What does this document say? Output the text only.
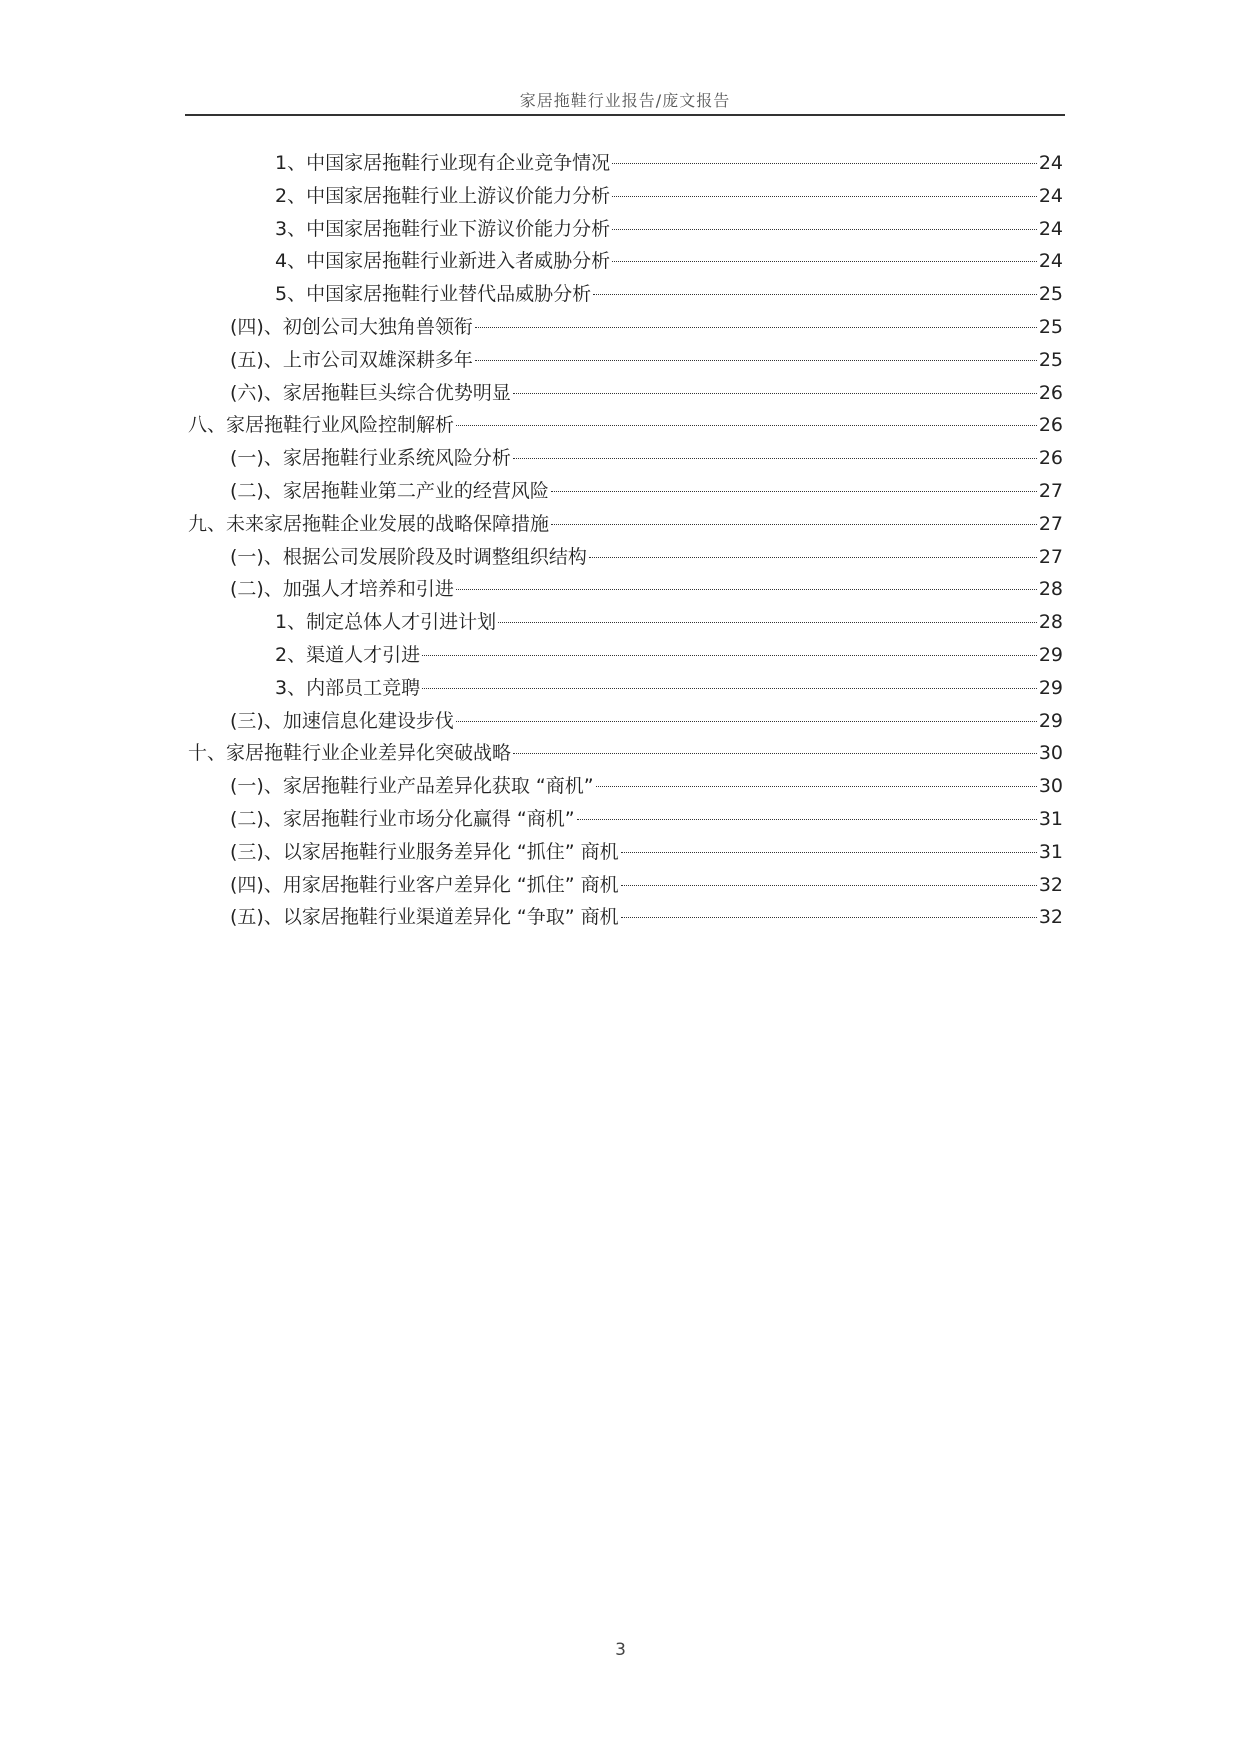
家居拖鞋行业报告/庞文报告
1、中国家居拖鞋行业现有企业竞争情况	24
2、中国家居拖鞋行业上游议价能力分析	24
3、中国家居拖鞋行业下游议价能力分析	24
4、中国家居拖鞋行业新进入者威胁分析	24
5、中国家居拖鞋行业替代品威胁分析	25
(四)、初创公司大独角兽领衔	25
(五)、上市公司双雄深耕多年	25
(六)、家居拖鞋巨头综合优势明显	26
八、家居拖鞋行业风险控制解析	26
(一)、家居拖鞋行业系统风险分析	26
(二)、家居拖鞋业第二产业的经营风险	27
九、未来家居拖鞋企业发展的战略保障措施	27
(一)、根据公司发展阶段及时调整组织结构	27
(二)、加强人才培养和引进	28
1、制定总体人才引进计划	28
2、渠道人才引进	29
3、内部员工竞聘	29
(三)、加速信息化建设步伐	29
十、家居拖鞋行业企业差异化突破战略	30
(一)、家居拖鞋行业产品差异化获取 “商机”	30
(二)、家居拖鞋行业市场分化赢得 “商机”	31
(三)、以家居拖鞋行业服务差异化 “抓住” 商机	31
(四)、用家居拖鞋行业客户差异化 “抓住” 商机	32
(五)、以家居拖鞋行业渠道差异化 “争取” 商机	32
3
